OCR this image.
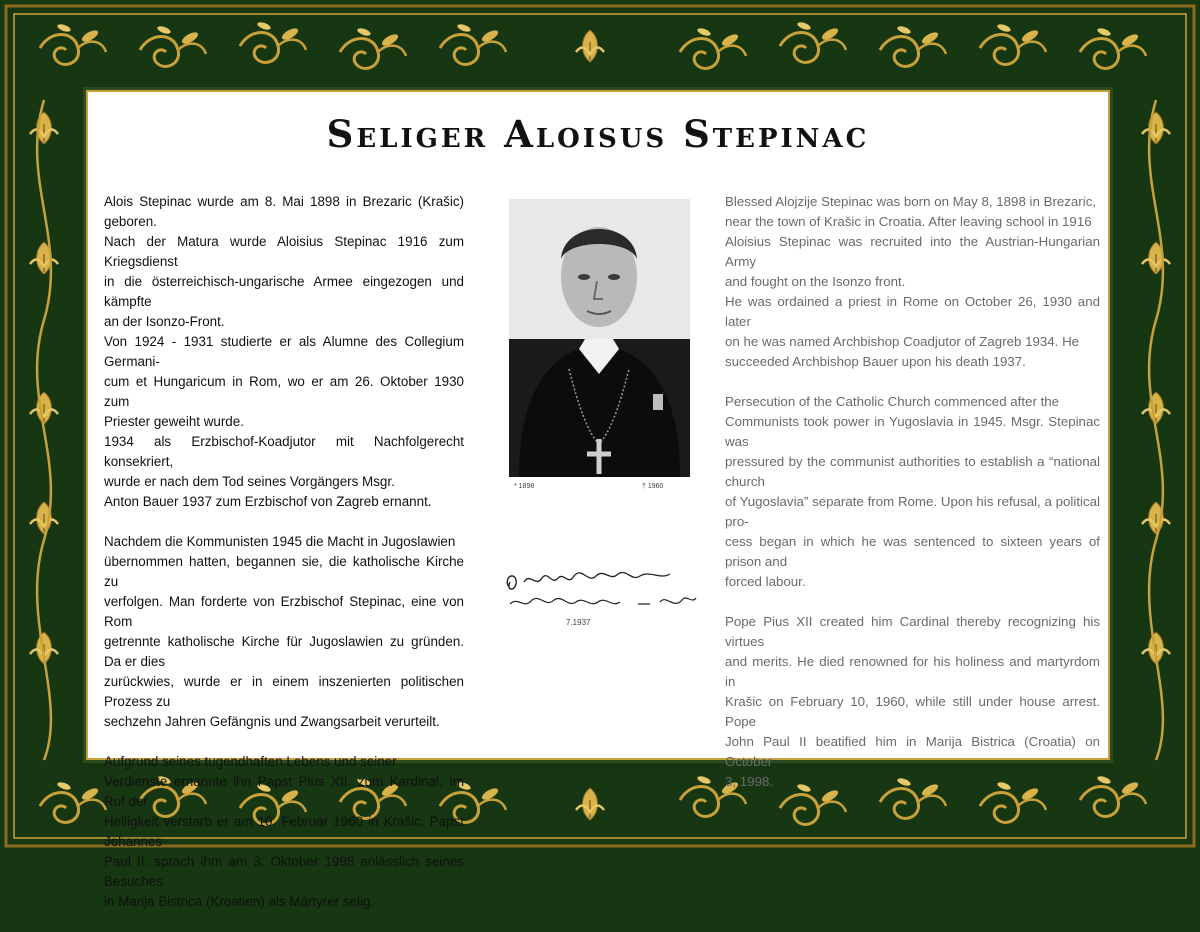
Seliger Aloisus Stepinac
Alois Stepinac wurde am 8. Mai 1898 in Brezaric (Krašic) geboren.
Nach der Matura wurde Aloisius Stepinac 1916 zum Kriegsdienst
in die österreichisch-ungarische Armee eingezogen und kämpfte
an der Isonzo-Front.
Von 1924 - 1931 studierte er als Alumne des Collegium Germani-
cum et Hungaricum in Rom, wo er am 26. Oktober 1930 zum
Priester geweiht wurde.
1934 als Erzbischof-Koadjutor mit Nachfolgerecht konsekriert,
wurde er nach dem Tod seines Vorgängers Msgr.
Anton Bauer 1937 zum Erzbischof von Zagreb ernannt.
Nachdem die Kommunisten 1945 die Macht in Jugoslawien
übernommen hatten, begannen sie, die katholische Kirche zu
verfolgen. Man forderte von Erzbischof Stepinac, eine von Rom
getrennte katholische Kirche für Jugoslawien zu gründen. Da er dies
zurückwies, wurde er in einem inszenierten politischen Prozess zu
sechzehn Jahren Gefängnis und Zwangsarbeit verurteilt.
Aufgrund seines tugendhaften Lebens und seiner
Verdienste ernannte ihn Papst Pius XII. zum Kardinal. Im Ruf der
Heiligkeit verstarb er am 10. Februar 1960 in Krašic. Papst Johannes
Paul II. sprach ihm am 3. Oktober 1998 anlässlich seines Besuches
in Marija Bistrica (Kroatien) als Märtyrer selig.
* 1898	† 1960
7.1937
Blessed Alojzije Stepinac was born on May 8, 1898 in Brezaric,
near the town of Krašic in Croatia. After leaving school in 1916
Aloisius Stepinac was recruited into the Austrian-Hungarian Army
and fought on the Isonzo front.
He was ordained a priest in Rome on October 26, 1930 and later
on he was named Archbishop Coadjutor of Zagreb 1934. He
succeeded Archbishop Bauer upon his death 1937.
Persecution of the Catholic Church commenced after the
Communists took power in Yugoslavia in 1945. Msgr. Stepinac was
pressured by the communist authorities to establish a “national church
of Yugoslavia” separate from Rome. Upon his refusal, a political pro-
cess began in which he was sentenced to sixteen years of prison and
forced labour.
Pope Pius XII created him Cardinal thereby recognizing his virtues
and merits. He died renowned for his holiness and martyrdom in
Krašic on February 10, 1960, while still under house arrest. Pope
John Paul II beatified him in Marija Bistrica (Croatia) on October
3, 1998.
